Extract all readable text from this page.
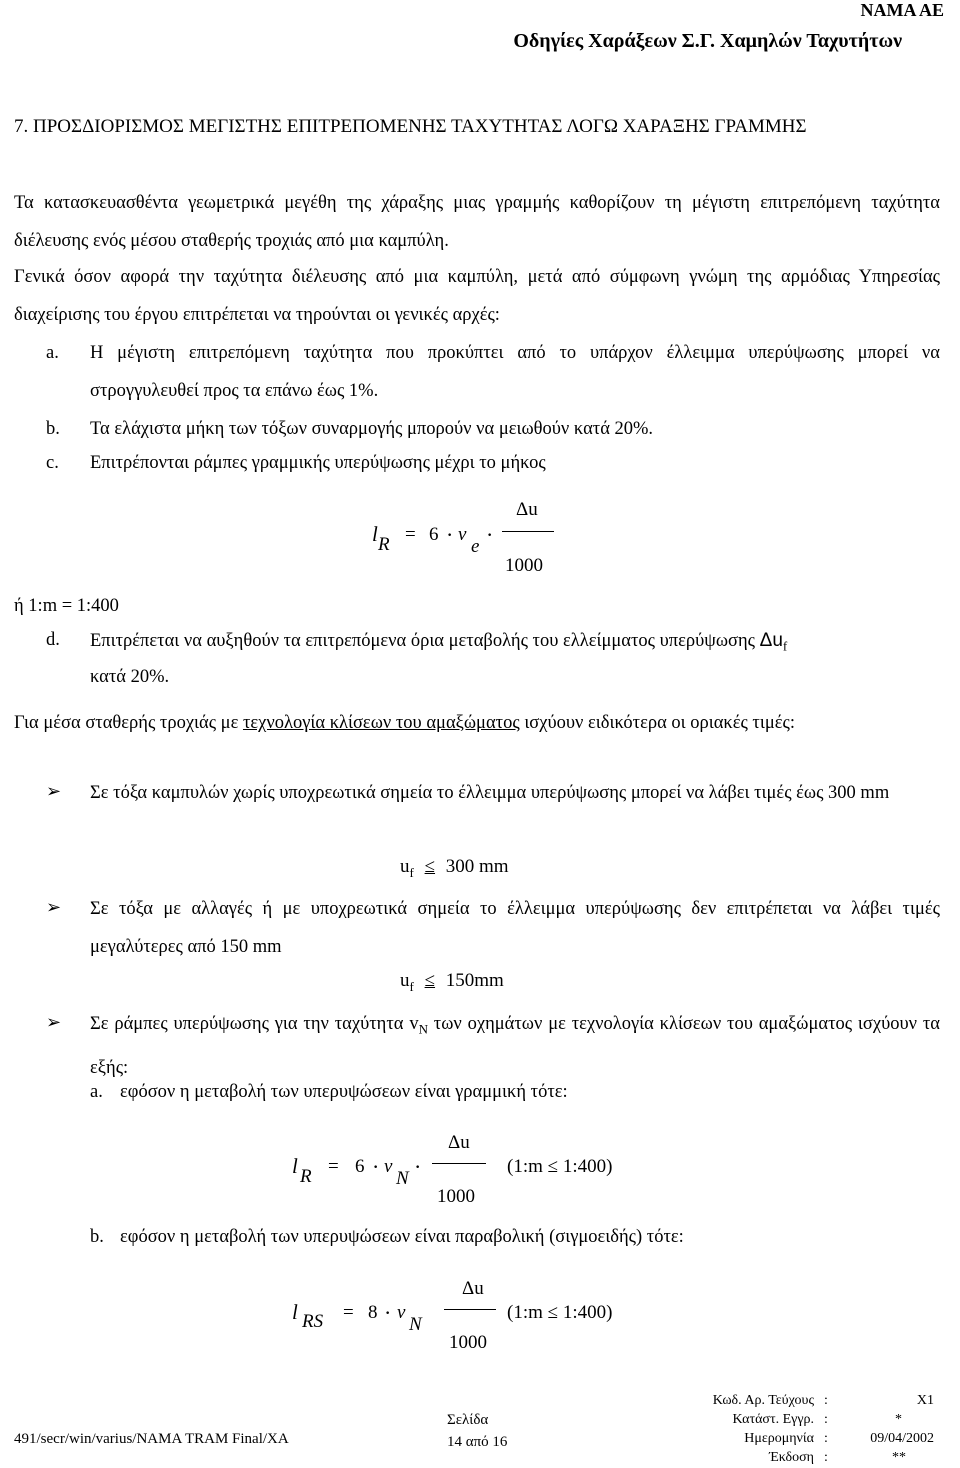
ΝΑΜΑ ΑΕ
Οδηγίες Χαράξεων Σ.Γ. Χαμηλών Ταχυτήτων
7. ΠΡΟΣΔΙΟΡΙΣΜΟΣ ΜΕΓΙΣΤΗΣ ΕΠΙΤΡΕΠΟΜΕΝΗΣ ΤΑΧΥΤΗΤΑΣ ΛΟΓΩ ΧΑΡΑΞΗΣ ΓΡΑΜΜΗΣ
Τα κατασκευασθέντα γεωμετρικά μεγέθη της χάραξης μιας γραμμής καθορίζουν τη μέγιστη επιτρεπόμενη ταχύτητα διέλευσης ενός μέσου σταθερής τροχιάς από μια καμπύλη.
Γενικά όσον αφορά την ταχύτητα διέλευσης από μια καμπύλη, μετά από σύμφωνη γνώμη της αρμόδιας Υπηρεσίας διαχείρισης του έργου επιτρέπεται να τηρούνται οι γενικές αρχές:
a. Η μέγιστη επιτρεπόμενη ταχύτητα που προκύπτει από το υπάρχον έλλειμμα υπερύψωσης μπορεί να στρογγυλευθεί προς τα επάνω έως 1%.
b. Τα ελάχιστα μήκη των τόξων συναρμογής μπορούν να μειωθούν κατά 20%.
c. Επιτρέπονται ράμπες γραμμικής υπερύψωσης μέχρι το μήκος
l R = 6 · v
e ·
Δu
1000
ή 1:m = 1:400
d. Επιτρέπεται να αυξηθούν τα επιτρεπόμενα όρια μεταβολής του ελλείμματος υπερύψωσης $\Delta u_f$
κατά 20%.
Για μέσα σταθερής τροχιάς με τεχνολογία κλίσεων του αμαξώματος ισχύουν ειδικότερα οι οριακές τιμές:
➢ Σε τόξα καμπυλών χωρίς υποχρεωτικά σημεία το έλλειμμα υπερύψωσης μπορεί να λάβει τιμές έως 300 mm
$u_f \le 300$ mm
➢ Σε τόξα με αλλαγές ή με υποχρεωτικά σημεία το έλλειμμα υπερύψωσης δεν επιτρέπεται να λάβει τιμές μεγαλύτερες από 150 mm
$u_f \le 150mm$
➢ Σε ράμπες υπερύψωσης για την ταχύτητα $v_N$ των οχημάτων με τεχνολογία κλίσεων του αμαξώματος ισχύουν τα εξής:
a. εφόσον η μεταβολή των υπερυψώσεων είναι γραμμική τότε:
l R = 6 · v
N ·
Δu
1000
(1:m ≤ 1:400)
b. εφόσον η μεταβολή των υπερυψώσεων είναι παραβολική (σιγμοειδής) τότε:
l RS = 8 · v
N
Δu
1000
(1:m ≤ 1:400)
491/secr/win/varius/NAMA TRAM Final/XA
Σελίδα
14 από 16
Κωδ. Αρ. Τεύχους :	X1
Κατάστ. Εγγρ. :	*
Ημερομηνία :	09/04/2002
Έκδοση :	**
